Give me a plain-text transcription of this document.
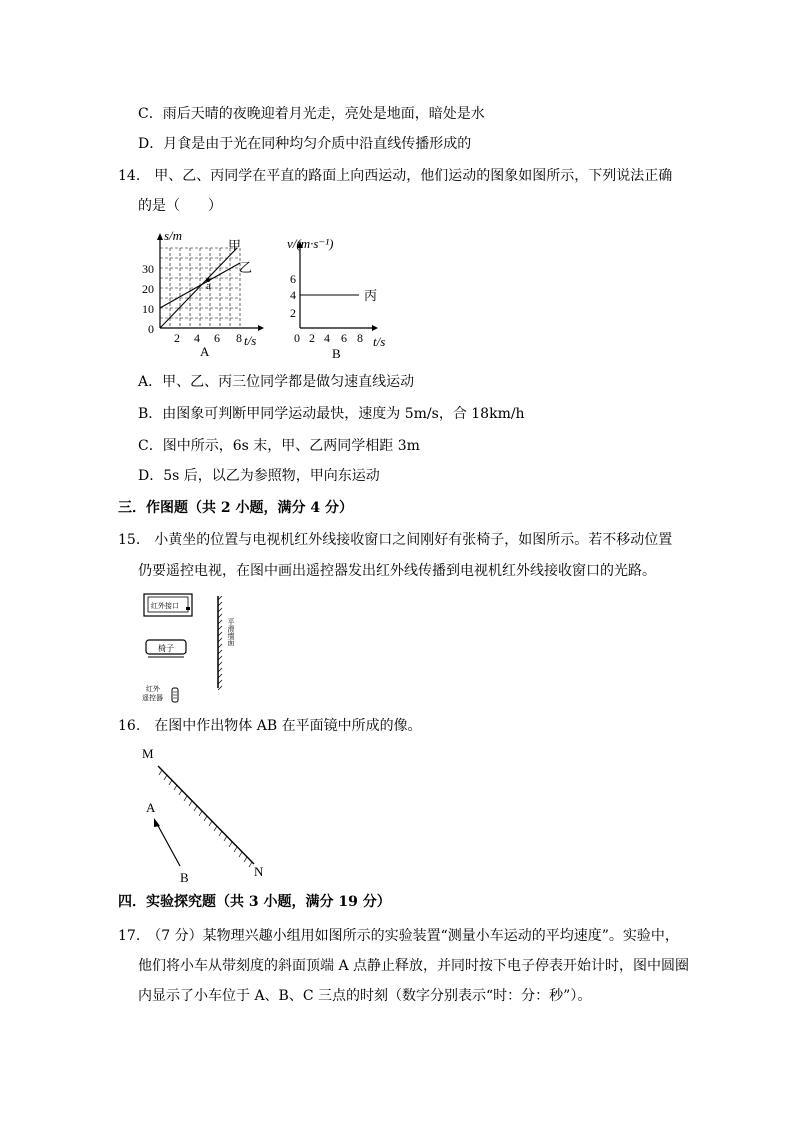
C．雨后天晴的夜晚迎着月光走，亮处是地面，暗处是水
D．月食是由于光在同种均匀介质中沿直线传播形成的
14.　甲、乙、丙同学在平直的路面上向西运动，他们运动的图象如图所示，下列说法正确
的是（　　）
s/m
甲
乙
a
30
20
10
0
2 4 6 8 t/s
A
v/(m·s⁻¹)
丙
6
4
2
0 2 4 6 8 t/s
B
A．甲、乙、丙三位同学都是做匀速直线运动
B．由图象可判断甲同学运动最快，速度为 5m/s，合 18km/h
C．图中所示，6s 末，甲、乙两同学相距 3m
D．5s 后，以乙为参照物，甲向东运动
三．作图题（共 2 小题，满分 4 分）
15.　小黄坐的位置与电视机红外线接收窗口之间刚好有张椅子，如图所示。若不移动位置
仍要遥控电视，在图中画出遥控器发出红外线传播到电视机红外线接收窗口的光路。
红外接口
椅子
红外
遥控器
平滑墙面
16.　在图中作出物体 AB 在平面镜中所成的像。
M
N
A
B
四．实验探究题（共 3 小题，满分 19 分）
17.　（7 分）某物理兴趣小组用如图所示的实验装置“测量小车运动的平均速度”。实验中，
他们将小车从带刻度的斜面顶端 A 点静止释放，并同时按下电子停表开始计时，图中圆圈
内显示了小车位于 A、B、C 三点的时刻（数字分别表示“时：分：秒”）。
